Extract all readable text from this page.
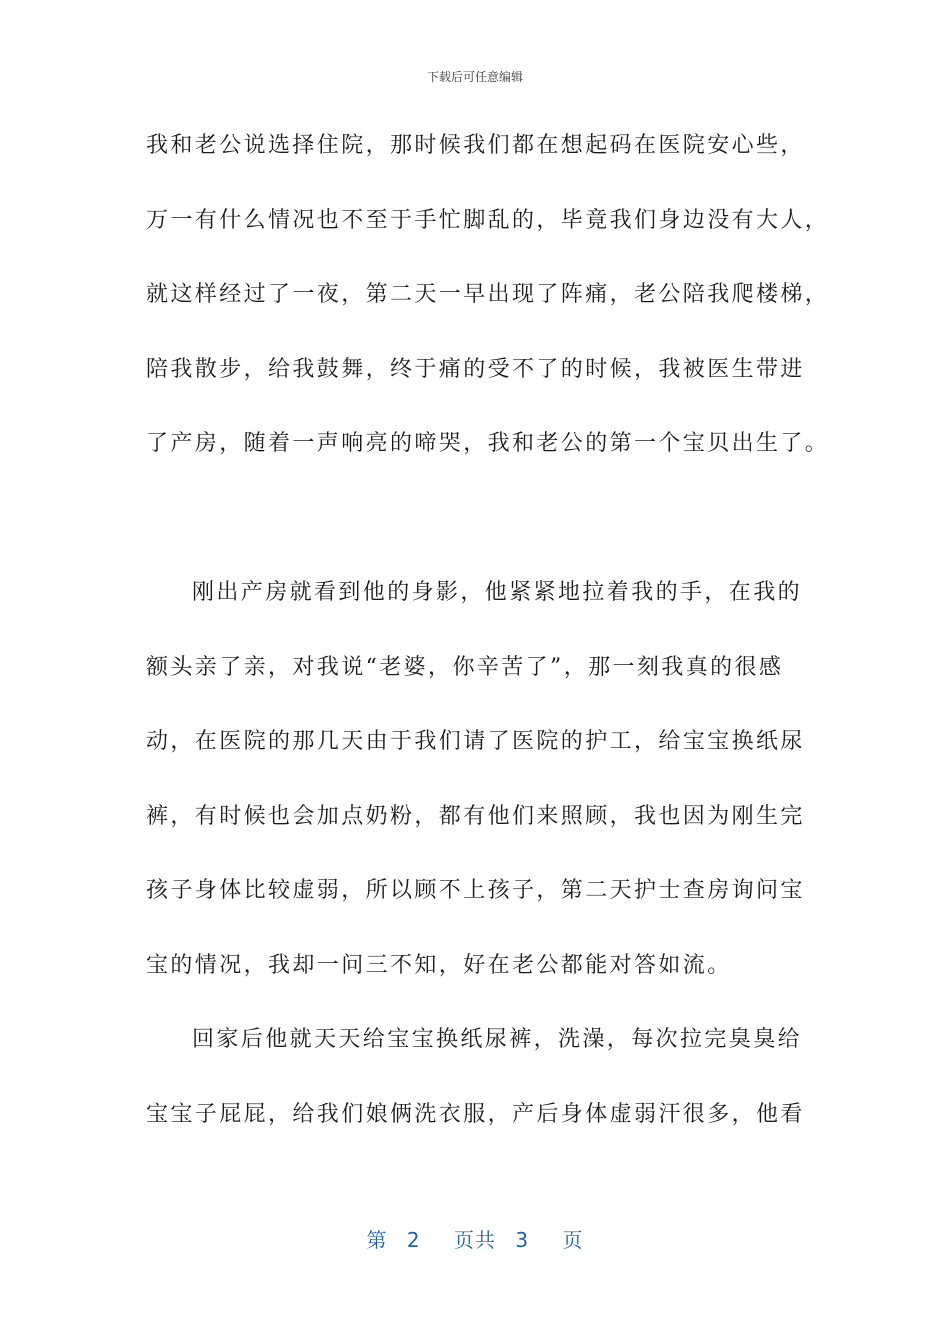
下载后可任意编辑
我和老公说选择住院，那时候我们都在想起码在医院安心些，
万一有什么情况也不至于手忙脚乱的，毕竟我们身边没有大人，
就这样经过了一夜，第二天一早出现了阵痛，老公陪我爬楼梯，
陪我散步，给我鼓舞，终于痛的受不了的时候，我被医生带进
了产房，随着一声响亮的啼哭，我和老公的第一个宝贝出生了。
刚出产房就看到他的身影，他紧紧地拉着我的手，在我的
额头亲了亲，对我说“老婆，你辛苦了”，那一刻我真的很感
动，在医院的那几天由于我们请了医院的护工，给宝宝换纸尿
裤，有时候也会加点奶粉，都有他们来照顾，我也因为刚生完
孩子身体比较虚弱，所以顾不上孩子，第二天护士查房询问宝
宝的情况，我却一问三不知，好在老公都能对答如流。
回家后他就天天给宝宝换纸尿裤，洗澡，每次拉完臭臭给
宝宝子屁屁，给我们娘俩洗衣服，产后身体虚弱汗很多，他看
第 2 页共 3 页
